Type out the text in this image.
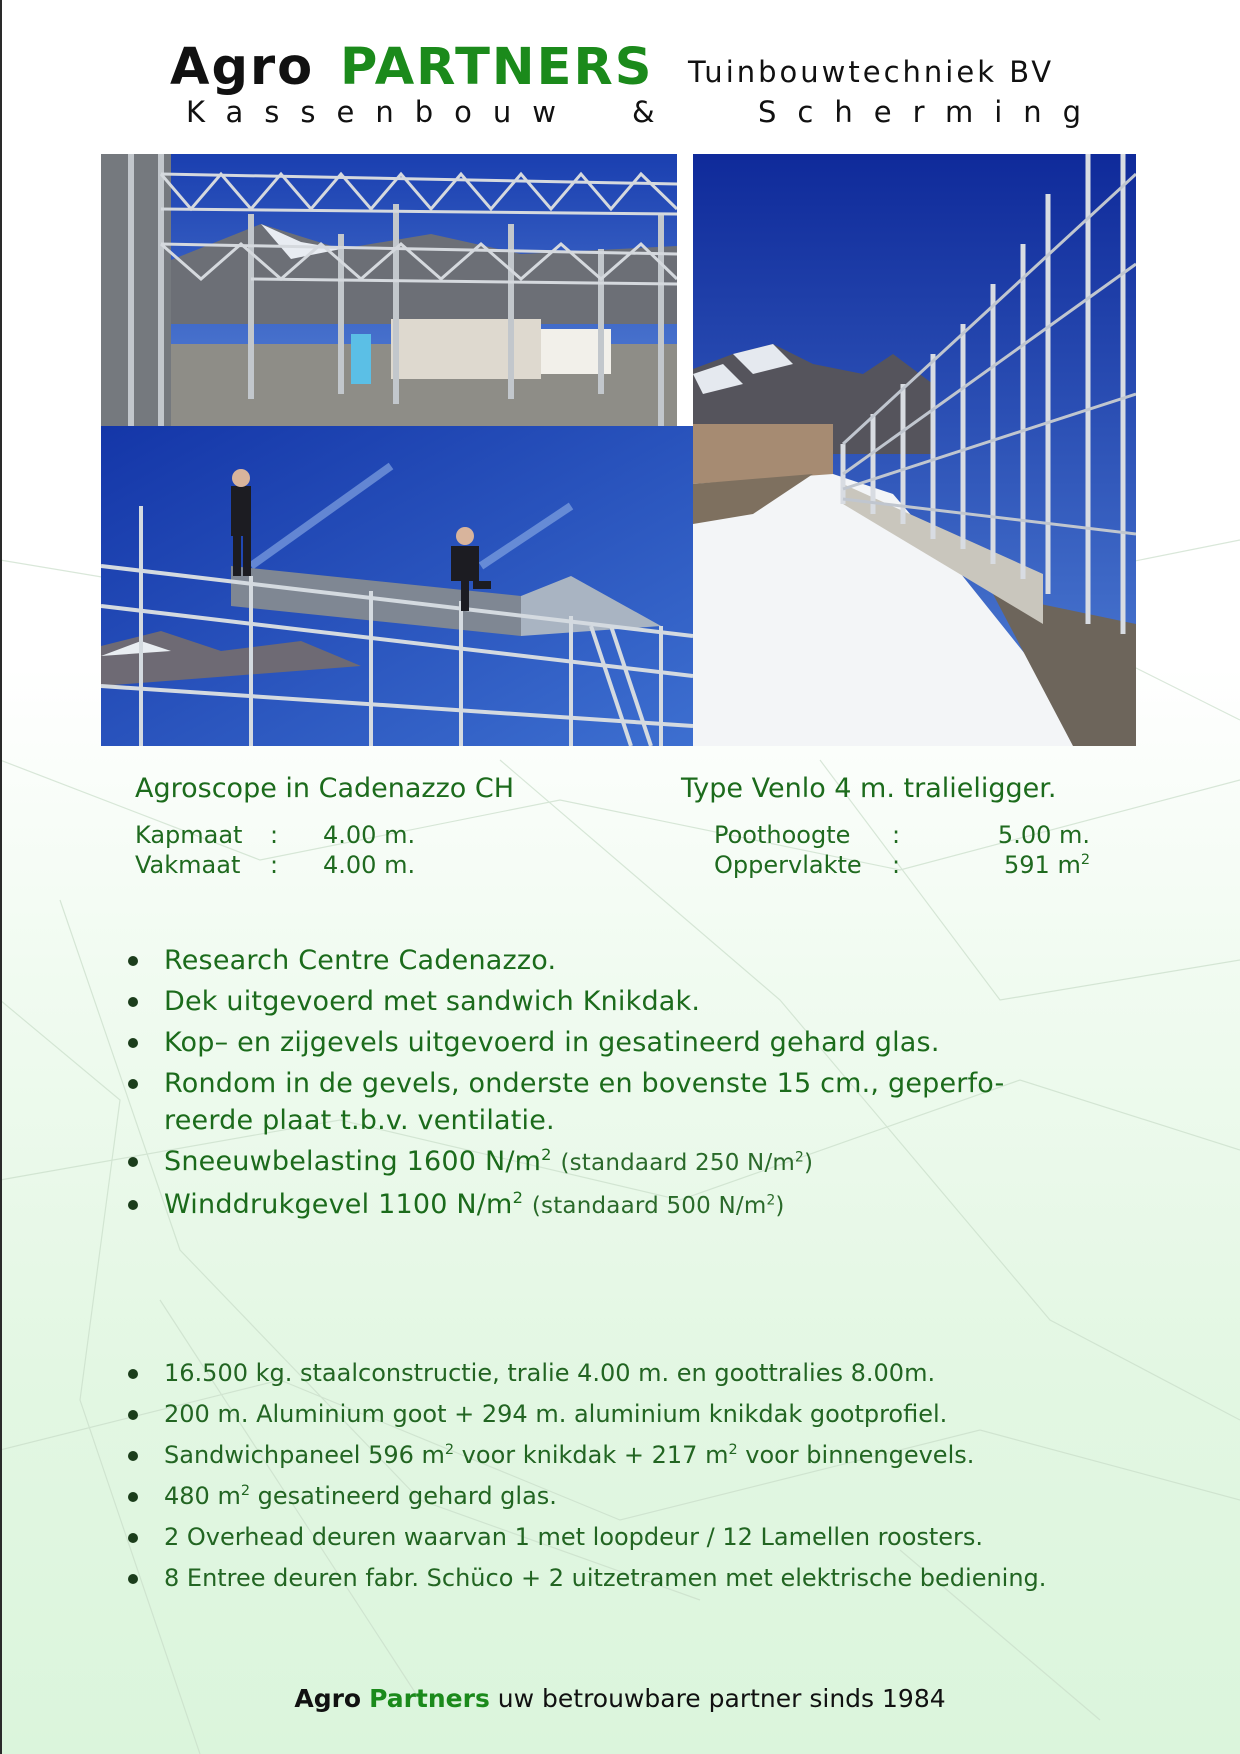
Agro PARTNERS Tuinbouwtechniek BV
Kassenbouw &	Scherming
Agroscope in Cadenazzo CH	Type Venlo 4 m. tralieligger.
Kapmaat : 4.00 m.
Vakmaat : 4.00 m.
Poothoogte :	5.00 m.
Oppervlakte :	591 $m^2$
Research Centre Cadenazzo.
Dek uitgevoerd met sandwich Knikdak.
Kop– en zijgevels uitgevoerd in gesatineerd gehard glas.
Rondom in de gevels, onderste en bovenste 15 cm., geperfo-
reerde plaat t.b.v. ventilatie.
Sneeuwbelasting 1600 $N/m^2$ (standaard 250 $N/m^2$)
Winddrukgevel 1100 $N/m^2$ (standaard 500 $N/m^2$)
16.500 kg. staalconstructie, tralie 4.00 m. en goottralies 8.00m.
200 m. Aluminium goot + 294 m. aluminium knikdak gootprofiel.
Sandwichpaneel 596 $m^2$ voor knikdak + 217 $m^2$ voor binnengevels.
480 $m^2$ gesatineerd gehard glas.
2 Overhead deuren waarvan 1 met loopdeur / 12 Lamellen roosters.
8 Entree deuren fabr. Schüco + 2 uitzetramen met elektrische bediening.
Agro Partners uw betrouwbare partner sinds 1984
